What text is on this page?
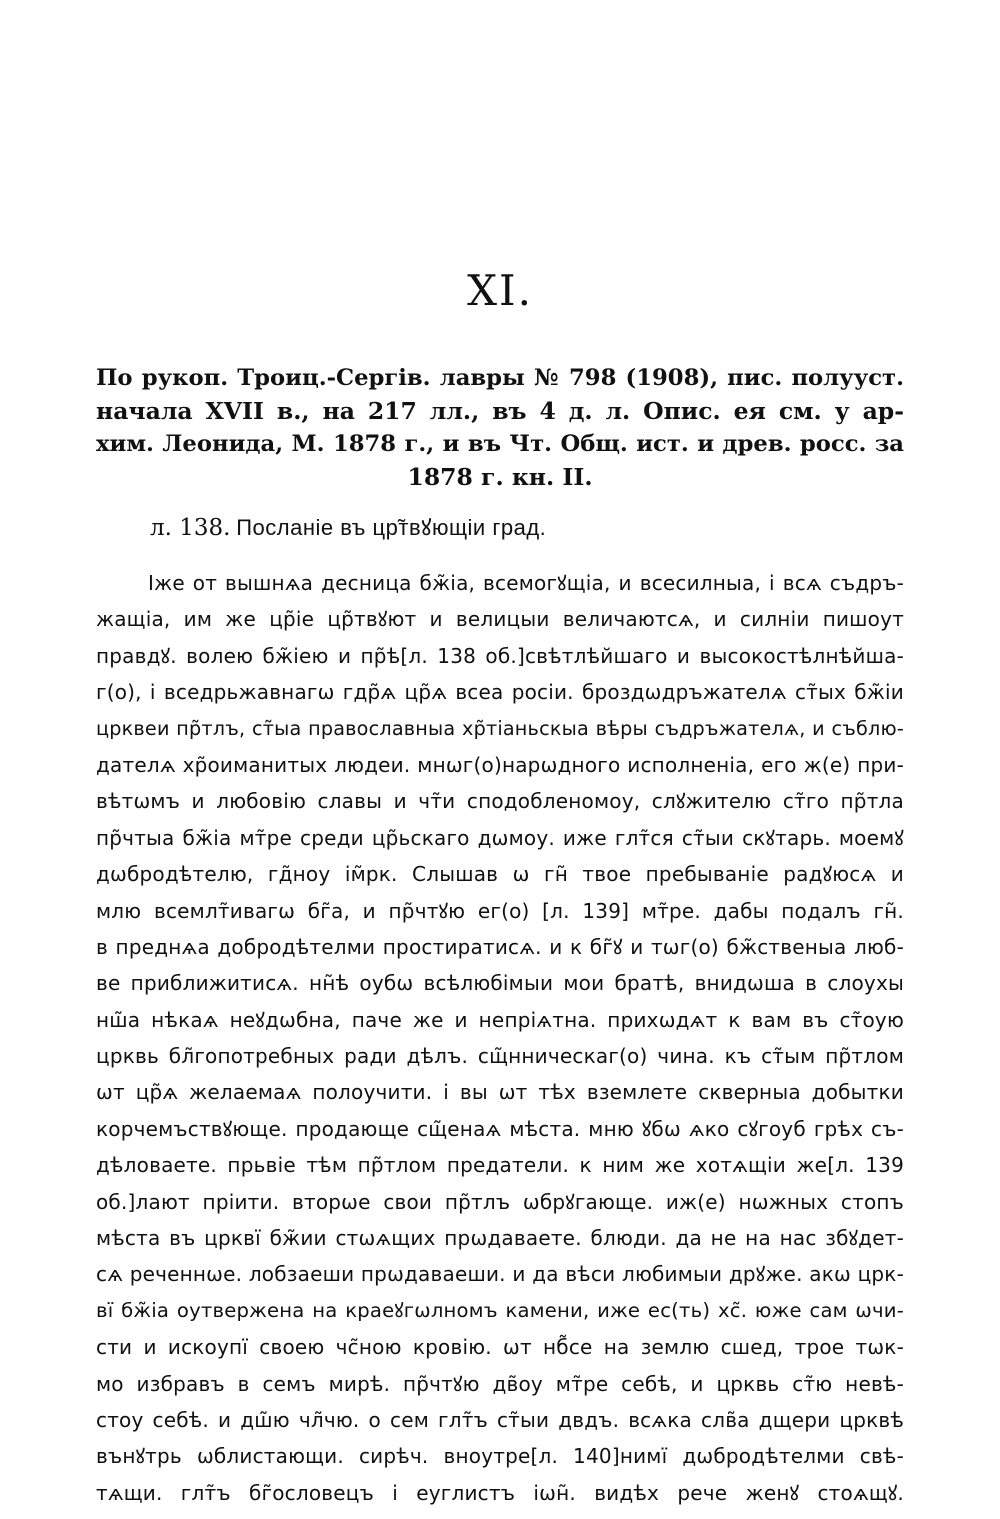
XI.
По рукоп. Троиц.-Сергів. лавры № 798 (1908), пис. полууст.
начала XVII в., на 217 лл., въ 4 д. л. Опис. ея см. у ар-
хим. Леонида, М. 1878 г., и въ Чт. Общ. ист. и древ. росс. за
1878 г. кн. II.
л. 138. Посланіе въ цр̃твꙋющіи град.
Іже от вышнѧа десница бж̃іа, всемогꙋщіа, и всесилныа, і всѧ съдръ-
жащіа, им же цр̃іе цр̃твꙋют и велицыи величаютсѧ, и силніи пишоут
правдꙋ. волею бж̃іею и пр̃ѣ[л. 138 об.]свѣтлѣйшаго и высокостѣлнѣйша-
г(о), і вседрьжавнагѡ гдр̃ѧ цр̃ѧ всеа росіи. броздѡдръжателѧ ст̃ых бж̃іи
црквеи пр̃тлъ, ст̃ыа православныа хр̃тіаньскыа вѣры съдръжателѧ, и съблю-
дателѧ хр̃оиманитых людеи. мнѡг(о)нарѡдного исполненіа, его ж(е) при-
вѣтѡмъ и любовію славы и чт̃и сподобленомоу, слꙋжителю ст̃го пр̃тла
пр̃чтыа бж̃іа мт̃ре среди цр̃ьскаго дѡмоу. иже глт̃ся ст̃ыи скꙋтарь. моемꙋ
дѡбродѣтелю, гд̃ноу ім̃рк. Слышав ѡ гн̃ твое пребываніе радꙋюсѧ и
млю всемлт̃ивагѡ бг̃а, и пр̃чтꙋю ег(о) [л. 139] мт̃ре. дабы подалъ гн̃.
в преднѧа добродѣтелми простиратисѧ. и к бг̃ꙋ и тѡг(о) бж̃ственыа люб-
ве приближитисѧ. нн̃ѣ оубѡ всѣлюбімыи мои братѣ, внидѡша в слоухы
нш̃а нѣкаѧ неꙋдѡбна, паче же и непріѧтна. прихѡдѧт к вам въ ст̃оую
црквь бл̃гопотребных ради дѣлъ. сщ̃нническаг(о) чина. къ ст̃ым пр̃тлом
ѡт цр̃ѧ желаемаѧ полоучити. і вы ѡт тѣх вземлете скверныа добытки
корчемъствꙋюще. продающе сщ̃енаѧ мѣста. мню ꙋбѡ ѧко сꙋгоуб грѣх съ-
дѣловаете. прьвіе тѣм пр̃тлом предатели. к ним же хотѧщіи же[л. 139
об.]лают пріити. вторѡе свои пр̃тлъ ѡбрꙋгающе. иж(е) нѡжных стопъ
мѣста въ црквї бж̃ии стѡѧщих прѡдаваете. блюди. да не на нас збꙋдет-
сѧ реченнѡе. лобзаеши прѡдаваеши. и да вѣси любимыи дрꙋже. акѡ црк-
вї бж̃іа оутвержена на краеꙋгѡлномъ камени, иже ес(ть) хс̃. юже сам ѡчи-
сти и искоупї своею чс̃ною кровію. ѡт нб̃се на землю сшед, трое тѡк-
мо избравъ в семъ мирѣ. пр̃чтꙋю дв̃оу мт̃ре себѣ, и црквь ст̃ю невѣ-
стоу себѣ. и дш̃ю чл̃чю. о сем глт̃ъ ст̃ыи двдъ. всѧка слв̃а дщери црквѣ
вънꙋтрь ѡблистающи. сирѣч. вноутре[л. 140]нимї дѡбродѣтелми свѣ-
тѧщи. глт̃ъ бг̃ословецъ і еуглистъ іѡн̃. видѣх рече женꙋ стоѧщꙋ.
